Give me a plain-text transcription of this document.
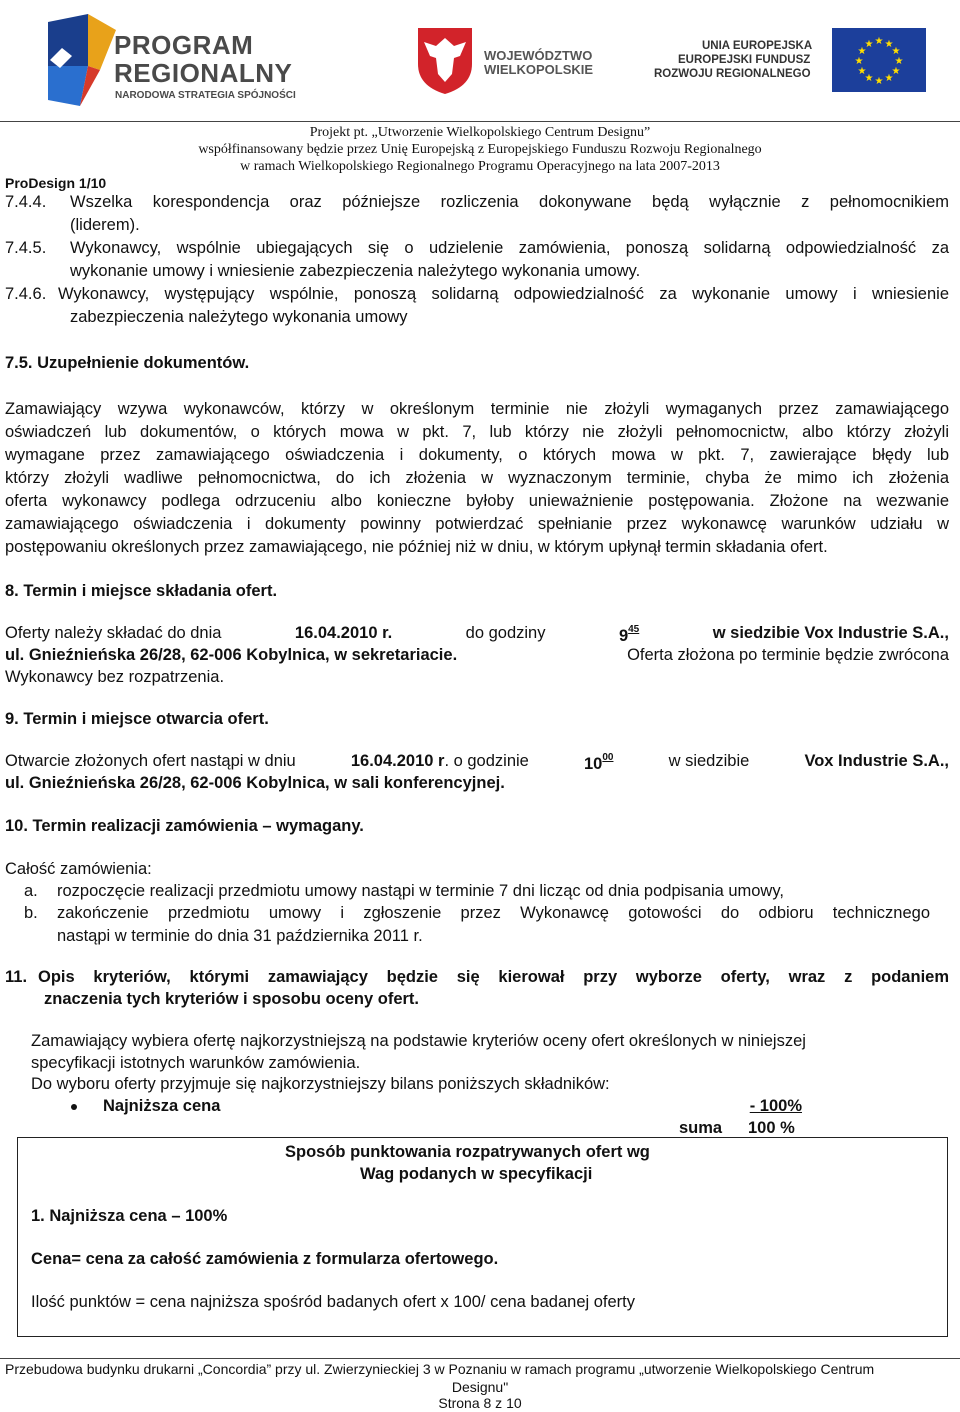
PROGRAM
REGIONALNY
NARODOWA STRATEGIA SPÓJNOŚCI
WOJEWÓDZTWO
WIELKOPOLSKIE
UNIA EUROPEJSKA
EUROPEJSKI FUNDUSZ
ROZWOJU REGIONALNEGO
★ ★
★
★
★
★
★
★
★
★
★
★
Projekt pt. „Utworzenie Wielkopolskiego Centrum Designu”
współfinansowany będzie przez Unię Europejską z Europejskiego Funduszu Rozwoju Regionalnego
w ramach Wielkopolskiego Regionalnego Programu Operacyjnego na lata 2007-2013
ProDesign 1/10
7.4.4. Wszelka korespondencja oraz późniejsze rozliczenia dokonywane będą wyłącznie z pełnomocnikiem
(liderem).
7.4.5. Wykonawcy, wspólnie ubiegających się o udzielenie zamówienia, ponoszą solidarną odpowiedzialność za
wykonanie umowy i wniesienie zabezpieczenia należytego wykonania umowy.
7.4.6. Wykonawcy, występujący wspólnie, ponoszą solidarną odpowiedzialność za wykonanie umowy i wniesienie
zabezpieczenia należytego wykonania umowy
7.5. Uzupełnienie dokumentów.
Zamawiający wzywa wykonawców, którzy w określonym terminie nie złożyli wymaganych przez zamawiającego
oświadczeń lub dokumentów, o których mowa w pkt. 7, lub którzy nie złożyli pełnomocnictw, albo którzy złożyli
wymagane przez zamawiającego oświadczenia i dokumenty, o których mowa w pkt. 7, zawierające błędy lub
którzy złożyli wadliwe pełnomocnictwa, do ich złożenia w wyznaczonym terminie, chyba że mimo ich złożenia
oferta wykonawcy podlega odrzuceniu albo konieczne byłoby unieważnienie postępowania. Złożone na wezwanie
zamawiającego oświadczenia i dokumenty powinny potwierdzać spełnianie przez wykonawcę warunków udziału w
postępowaniu określonych przez zamawiającego, nie później niż w dniu, w którym upłynął termin składania ofert.
8. Termin i miejsce składania ofert.
Oferty należy składać do dnia	16.04.2010 r.	do godziny	$9^{45}$	w siedzibie Vox Industrie S.A.,
ul. Gnieźnieńska 26/28, 62-006 Kobylnica, w sekretariacie.	Oferta złożona po terminie będzie zwrócona
Wykonawcy bez rozpatrzenia.
9. Termin i miejsce otwarcia ofert.
Otwarcie złożonych ofert nastąpi w dniu	16.04.2010 r. o godzinie	$10^{00}$	w siedzibie	Vox Industrie S.A.,
ul. Gnieźnieńska 26/28, 62-006 Kobylnica, w sali konferencyjnej.
10. Termin realizacji zamówienia – wymagany.
Całość zamówienia:
a. rozpoczęcie realizacji przedmiotu umowy nastąpi w terminie 7 dni licząc od dnia podpisania umowy,
b. zakończenie przedmiotu umowy i zgłoszenie przez Wykonawcę gotowości do odbioru technicznego
nastąpi w terminie do dnia 31 października 2011 r.
11. Opis kryteriów, którymi zamawiający będzie się kierował przy wyborze oferty, wraz z podaniem
znaczenia tych kryteriów i sposobu oceny ofert.
Zamawiający wybiera ofertę najkorzystniejszą na podstawie kryteriów oceny ofert określonych w niniejszej
specyfikacji istotnych warunków zamówienia.
Do wyboru oferty przyjmuje się najkorzystniejszy bilans poniższych składników:
Najniższa cena	- 100%
suma 100 %
Sposób punktowania rozpatrywanych ofert wg
Wag podanych w specyfikacji
1. Najniższa cena – 100%
Cena= cena za całość zamówienia z formularza ofertowego.
Ilość punktów = cena najniższa spośród badanych ofert x 100/ cena badanej oferty
Przebudowa budynku drukarni „Concordia” przy ul. Zwierzynieckiej 3 w Poznaniu w ramach programu „utworzenie Wielkopolskiego Centrum
Designu"
Strona 8 z 10
